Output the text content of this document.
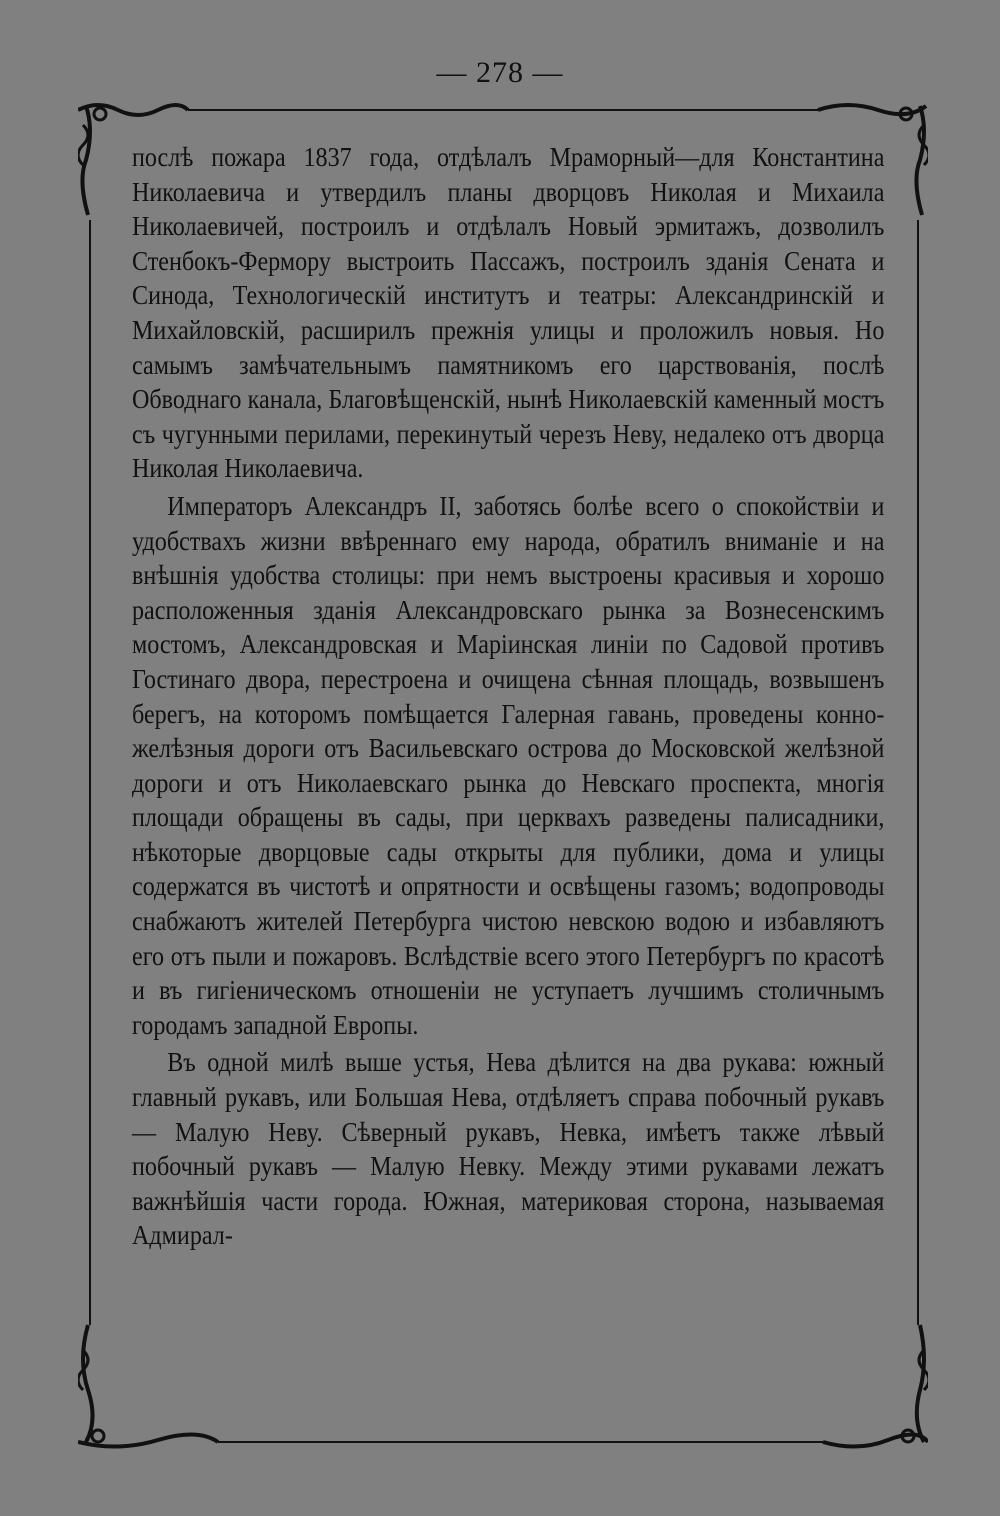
— 278 —

послѣ пожара 1837 года, отдѣлалъ Мраморный—для Константина Николаевича и утвердилъ планы дворцовъ Николая и Михаила Николаевичей, построилъ и отдѣлалъ Новый эрмитажъ, дозволилъ Стенбокъ-Фермору выстроить Пассажъ, построилъ зданія Сената и Синода, Технологическій институтъ и театры: Александринскій и Михайловскій, расширилъ прежнія улицы и проложилъ новыя. Но самымъ замѣчательнымъ памятникомъ его царствованія, послѣ Обводнаго канала, Благовѣщенскій, нынѣ Николаевскій каменный мостъ съ чугунными перилами, перекинутый черезъ Неву, недалеко отъ дворца Николая Николаевича.

Императоръ Александръ II, заботясь болѣе всего о спокойствіи и удобствахъ жизни ввѣреннаго ему народа, обратилъ вниманіе и на внѣшнія удобства столицы: при немъ выстроены красивыя и хорошо расположенныя зданія Александровскаго рынка за Вознесенскимъ мостомъ, Александровская и Маріинская линіи по Садовой противъ Гостинаго двора, перестроена и очищена сѣнная площадь, возвышенъ берегъ, на которомъ помѣщается Галерная гавань, проведены конно-желѣзныя дороги отъ Васильевскаго острова до Московской желѣзной дороги и отъ Николаевскаго рынка до Невскаго проспекта, многія площади обращены въ сады, при церквахъ разведены палисадники, нѣкоторые дворцовые сады открыты для публики, дома и улицы содержатся въ чистотѣ и опрятности и освѣщены газомъ; водопроводы снабжаютъ жителей Петербурга чистою невскою водою и избавляютъ его отъ пыли и пожаровъ. Вслѣдствіе всего этого Петербургъ по красотѣ и въ гигіеническомъ отношеніи не уступаетъ лучшимъ столичнымъ городамъ западной Европы.

Въ одной милѣ выше устья, Нева дѣлится на два рукава: южный главный рукавъ, или Большая Нева, отдѣляетъ справа побочный рукавъ — Малую Неву. Сѣверный рукавъ, Невка, имѣетъ также лѣвый побочный рукавъ — Малую Невку. Между этими рукавами лежатъ важнѣйшія части города. Южная, материковая сторона, называемая Адмирал-
